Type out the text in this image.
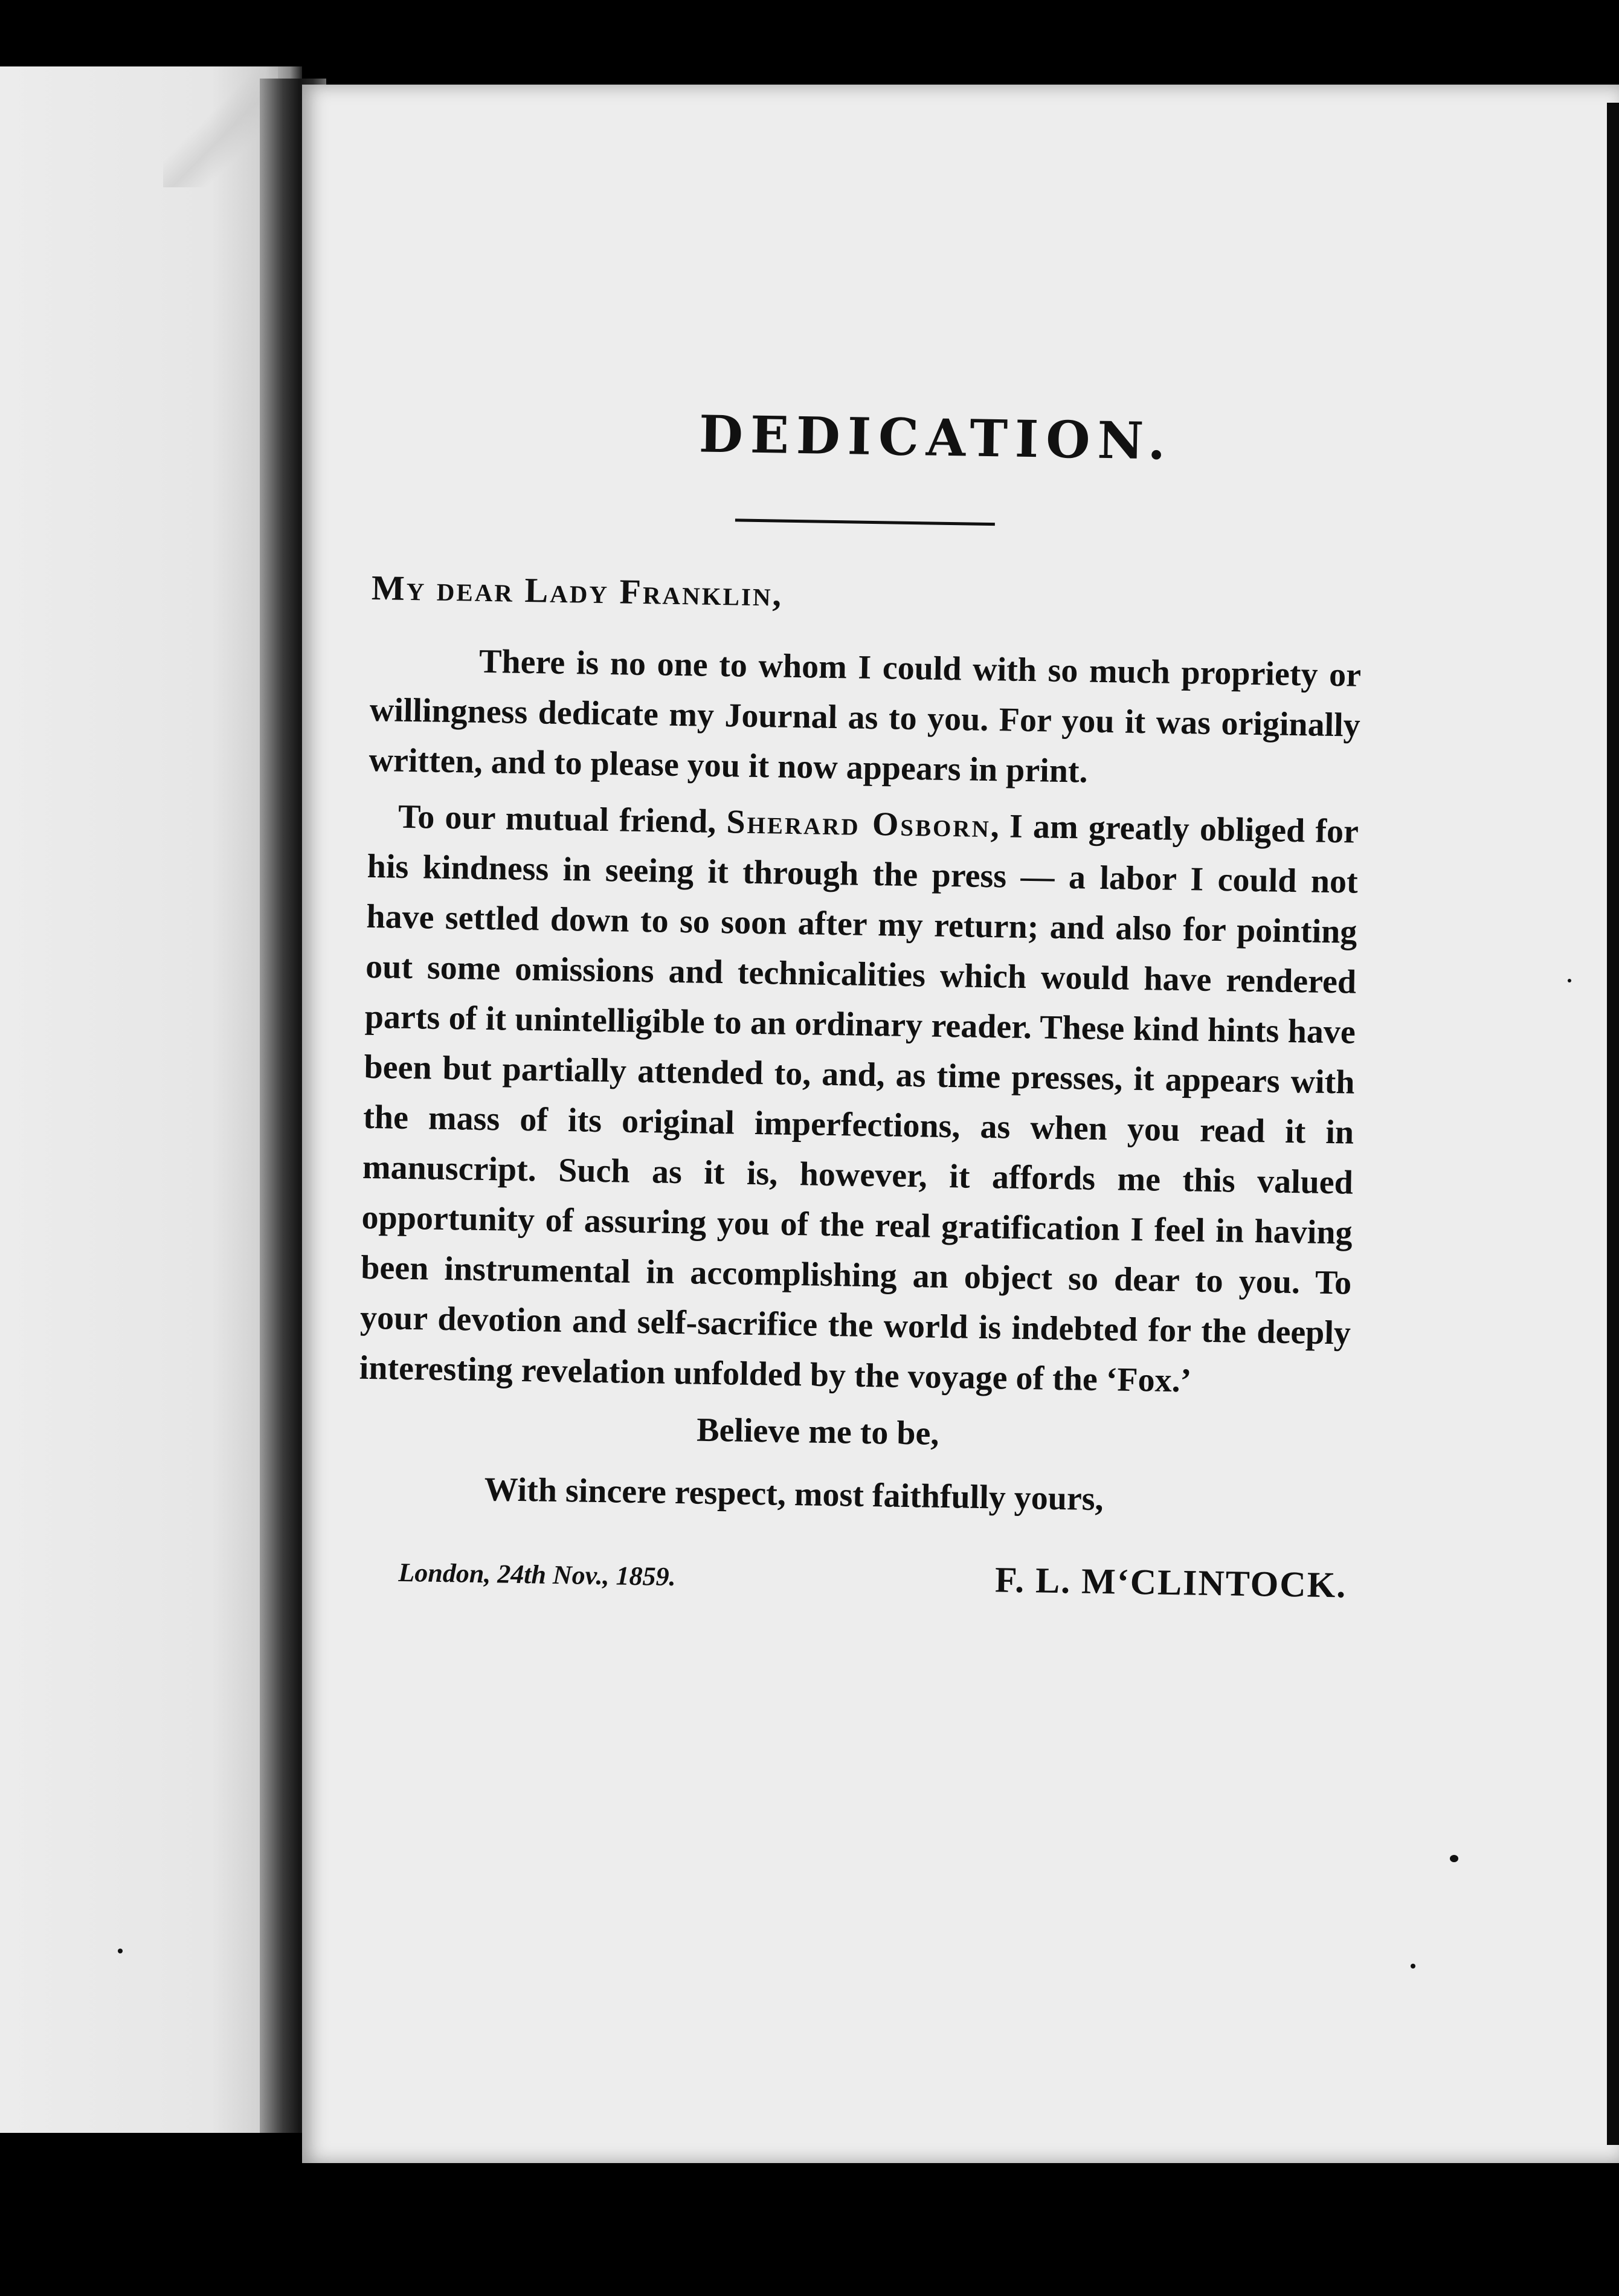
DEDICATION.
My dear Lady Franklin,

There is no one to whom I could with so much propriety or willingness dedicate my Journal as to you. For you it was originally written, and to please you it now appears in print.

To our mutual friend, Sherard Osborn, I am greatly obliged for his kindness in seeing it through the press — a labor I could not have settled down to so soon after my return; and also for pointing out some omissions and technicalities which would have rendered parts of it unintelligible to an ordinary reader. These kind hints have been but partially attended to, and, as time presses, it appears with the mass of its original imperfections, as when you read it in manuscript. Such as it is, however, it affords me this valued opportunity of assuring you of the real gratification I feel in having been instrumental in accomplishing an object so dear to you. To your devotion and self-sacrifice the world is indebted for the deeply interesting revelation unfolded by the voyage of the ‘Fox.’

Believe me to be,
With sincere respect, most faithfully yours,
London, 24th Nov., 1859.	F. L. M‘CLINTOCK.
